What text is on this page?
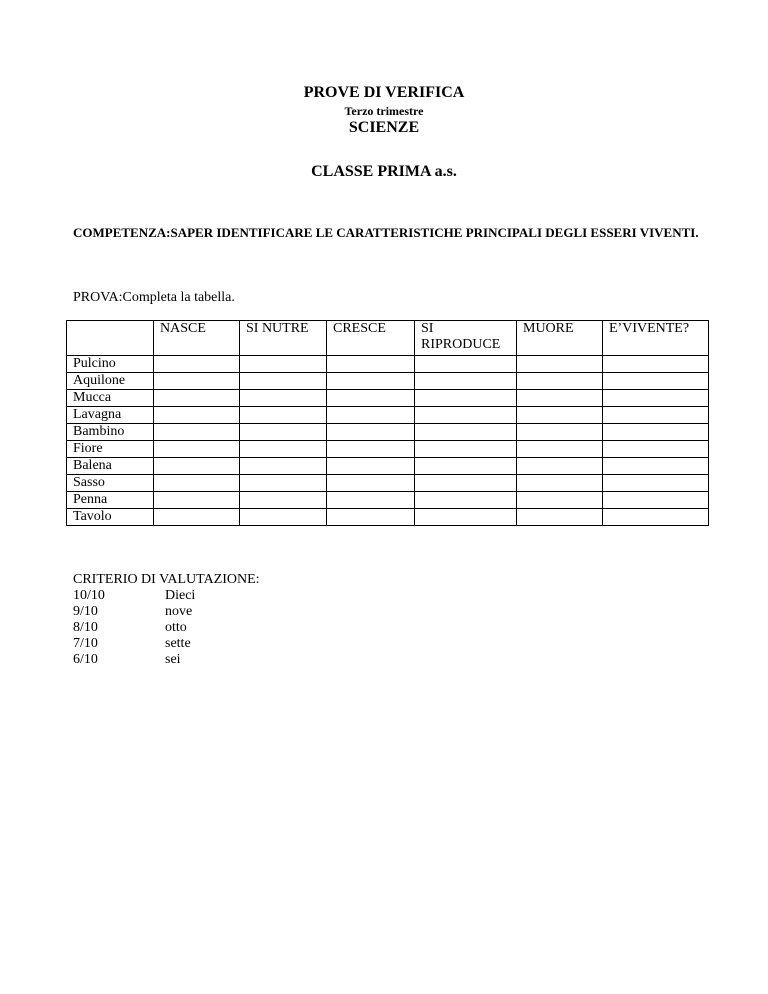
PROVE DI VERIFICA
Terzo trimestre
SCIENZE
CLASSE PRIMA a.s.
COMPETENZA:SAPER IDENTIFICARE LE CARATTERISTICHE PRINCIPALI DEGLI ESSERI VIVENTI.
PROVA:Completa la tabella.
	NASCE	SI NUTRE	CRESCE	SI RIPRODUCE	MUORE	E’VIVENTE?
Pulcino						
Aquilone						
Mucca						
Lavagna						
Bambino						
Fiore						
Balena						
Sasso						
Penna						
Tavolo						
CRITERIO DI VALUTAZIONE:
10/10	Dieci
9/10	nove
8/10	otto
7/10	sette
6/10	sei
